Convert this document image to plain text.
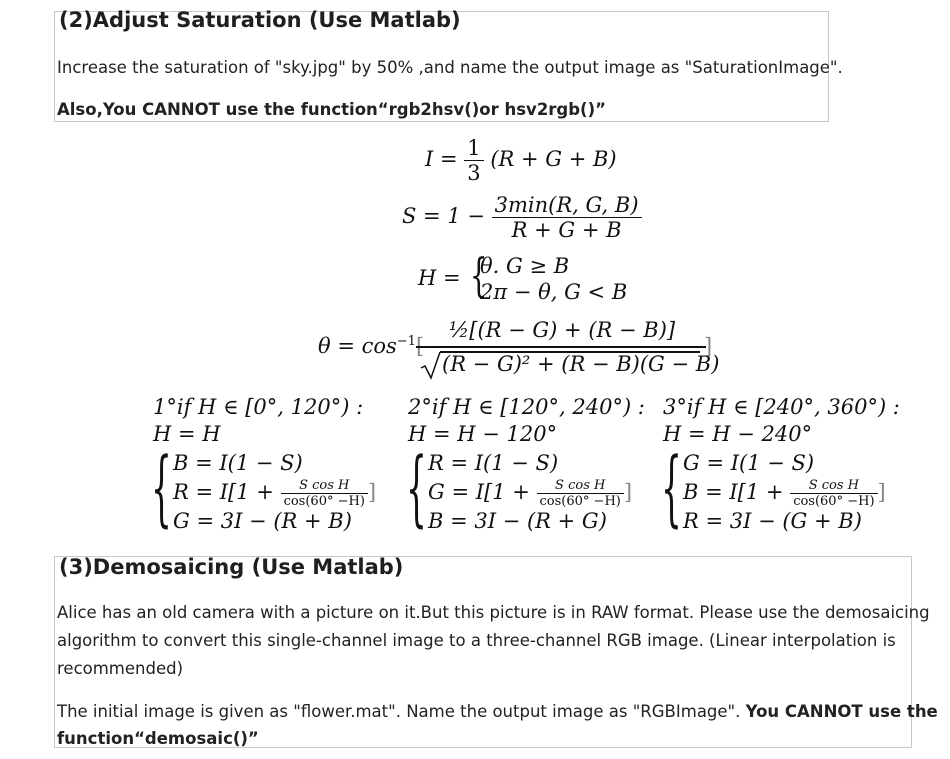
(2)Adjust Saturation (Use Matlab)
Increase the saturation of "sky.jpg" by 50% ,and name the output image as "SaturationImage".
Also,You CANNOT use the function“rgb2hsv()or hsv2rgb()”
$I = \frac{1}{3} (R + G + B)$
$S = 1 - \frac{3\min(R, G, B)}{R + G + B}$
H = {
θ. G ≥ B
2π − θ, G < B
$\theta = \cos^{-1}$	½[(R − G) + (R − B)]
(R − G)² + (R − B)(G − B)
]
1°if H ∈ [0°, 120°) :
H = H
{ B = I(1 − S)
$R = I[1 + \frac{\text{S cos H}}{\cos(60^\circ -H)}$ ]
G = 3I − (R + B)
2°if H ∈ [120°, 240°) :
H = H − 120°
{ R = I(1 − S)
$G = I[1 + \frac{\text{S cos H}}{\cos(60^\circ -H)}$ ]
B = 3I − (R + G)
3°if H ∈ [240°, 360°) :
H = H − 240°
{ G = I(1 − S)
$B = I[1 + \frac{\text{S cos H}}{\cos(60^\circ -H)}$ ]
R = 3I − (G + B)
(3)Demosaicing (Use Matlab)
Alice has an old camera with a picture on it.But this picture is in RAW format. Please use the demosaicing
algorithm to convert this single-channel image to a three-channel RGB image. (Linear interpolation is
recommended)
The initial image is given as "flower.mat". Name the output image as "RGBImage". You CANNOT use the
function“demosaic()”
